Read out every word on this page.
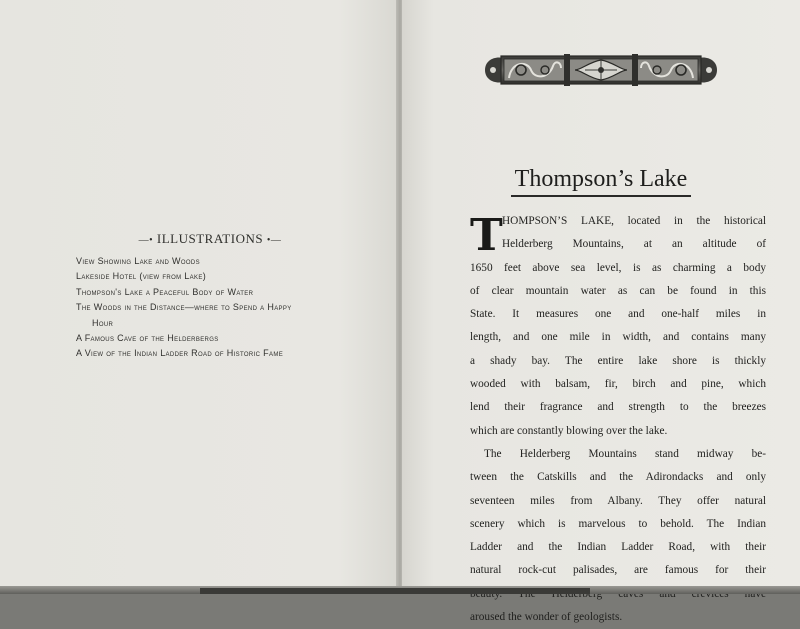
—• ILLUSTRATIONS •—
View Showing Lake and Woods
Lakeside Hotel (view from Lake)
Thompson's Lake a Peaceful Body of Water
The Woods in the Distance—where to Spend a Happy
Hour
A Famous Cave of the Helderbergs
A View of the Indian Ladder Road of Historic Fame
Thompson’s Lake
T HOMPSON’S LAKE, located in the historical
Helderberg Mountains, at an altitude of
1650 feet above sea level, is as charming a body
of clear mountain water as can be found in this
State. It measures one and one-half miles in
length, and one mile in width, and contains many
a shady bay. The entire lake shore is thickly
wooded with balsam, fir, birch and pine, which
lend their fragrance and strength to the breezes
which are constantly blowing over the lake.

The Helderberg Mountains stand midway be-
tween the Catskills and the Adirondacks and only
seventeen miles from Albany. They offer natural
scenery which is marvelous to behold. The Indian
Ladder and the Indian Ladder Road, with their
natural rock-cut palisades, are famous for their
aroused the wonder of geologists.
